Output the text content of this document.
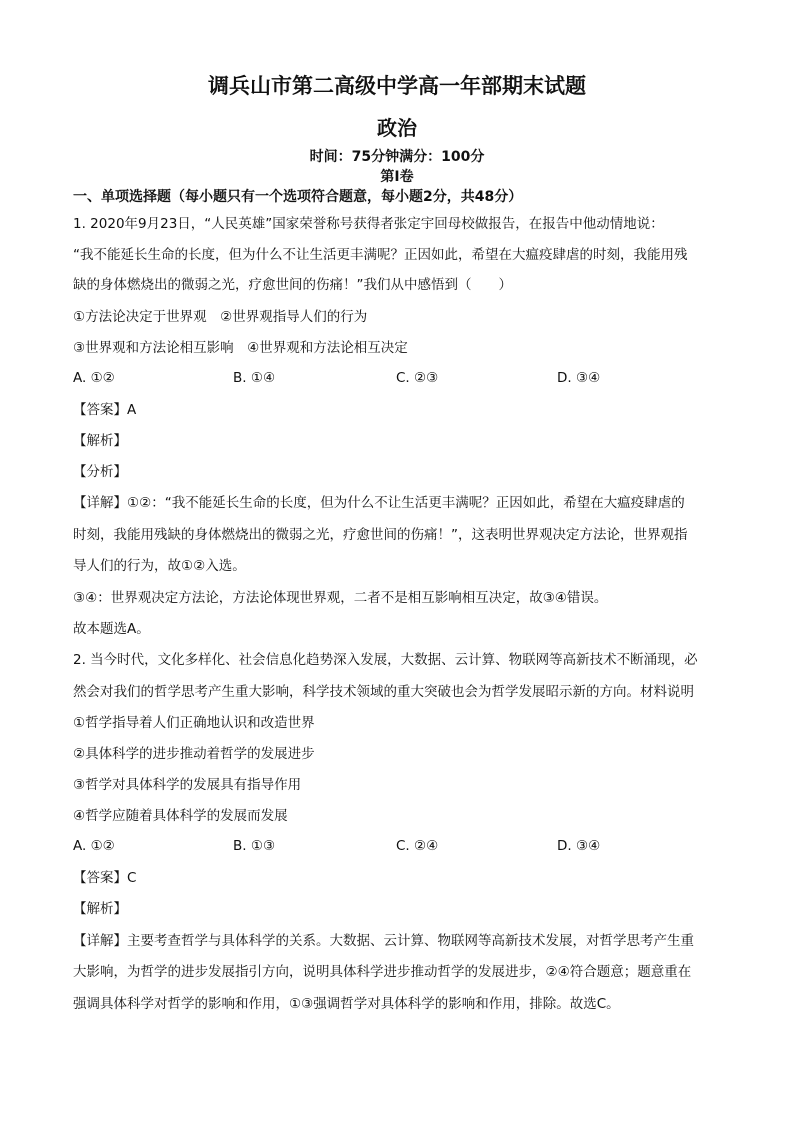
调兵山市第二高级中学高一年部期末试题
政治
时间：75分钟满分：100分
第Ⅰ卷
一、单项选择题（每小题只有一个选项符合题意，每小题2分，共48分）
1. 2020年9月23日，“人民英雄”国家荣誉称号获得者张定宇回母校做报告，在报告中他动情地说：
“我不能延长生命的长度，但为什么不让生活更丰满呢？正因如此，希望在大瘟疫肆虐的时刻，我能用残
缺的身体燃烧出的微弱之光，疗愈世间的伤痛！”我们从中感悟到（　　）
①方法论决定于世界观　②世界观指导人们的行为
③世界观和方法论相互影响　④世界观和方法论相互决定
A. ①②	B. ①④	C. ②③	D. ③④
【答案】A
【解析】
【分析】
【详解】①②：“我不能延长生命的长度，但为什么不让生活更丰满呢？正因如此，希望在大瘟疫肆虐的
时刻，我能用残缺的身体燃烧出的微弱之光，疗愈世间的伤痛！”，这表明世界观决定方法论，世界观指
导人们的行为，故①②入选。
③④：世界观决定方法论，方法论体现世界观，二者不是相互影响相互决定，故③④错误。
故本题选A。
2. 当今时代，文化多样化、社会信息化趋势深入发展，大数据、云计算、物联网等高新技术不断涌现，必
然会对我们的哲学思考产生重大影响，科学技术领域的重大突破也会为哲学发展昭示新的方向。材料说明
①哲学指导着人们正确地认识和改造世界
②具体科学的进步推动着哲学的发展进步
③哲学对具体科学的发展具有指导作用
④哲学应随着具体科学的发展而发展
A. ①②	B. ①③	C. ②④	D. ③④
【答案】C
【解析】
【详解】主要考查哲学与具体科学的关系。大数据、云计算、物联网等高新技术发展，对哲学思考产生重
大影响，为哲学的进步发展指引方向，说明具体科学进步推动哲学的发展进步，②④符合题意；题意重在
强调具体科学对哲学的影响和作用，①③强调哲学对具体科学的影响和作用，排除。故选C。
